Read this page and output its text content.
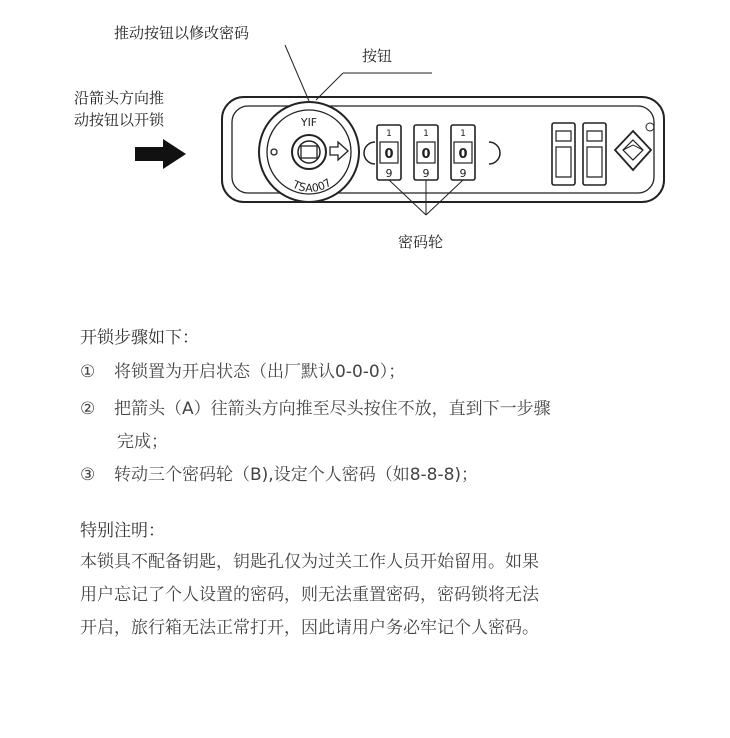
YIF
TSA007
1
0
9
1
0
9
1
0
9
推动按钮以修改密码
按钮
沿箭头方向推
动按钮以开锁
密码轮
开锁步骤如下：
① 将锁置为开启状态（出厂默认0-0-0）；
② 把箭头（A）往箭头方向推至尽头按住不放，直到下一步骤
完成；
③ 转动三个密码轮（B),设定个人密码（如8-8-8)；
特别注明：
本锁具不配备钥匙，钥匙孔仅为过关工作人员开始留用。如果
用户忘记了个人设置的密码，则无法重置密码，密码锁将无法
开启，旅行箱无法正常打开，因此请用户务必牢记个人密码。
